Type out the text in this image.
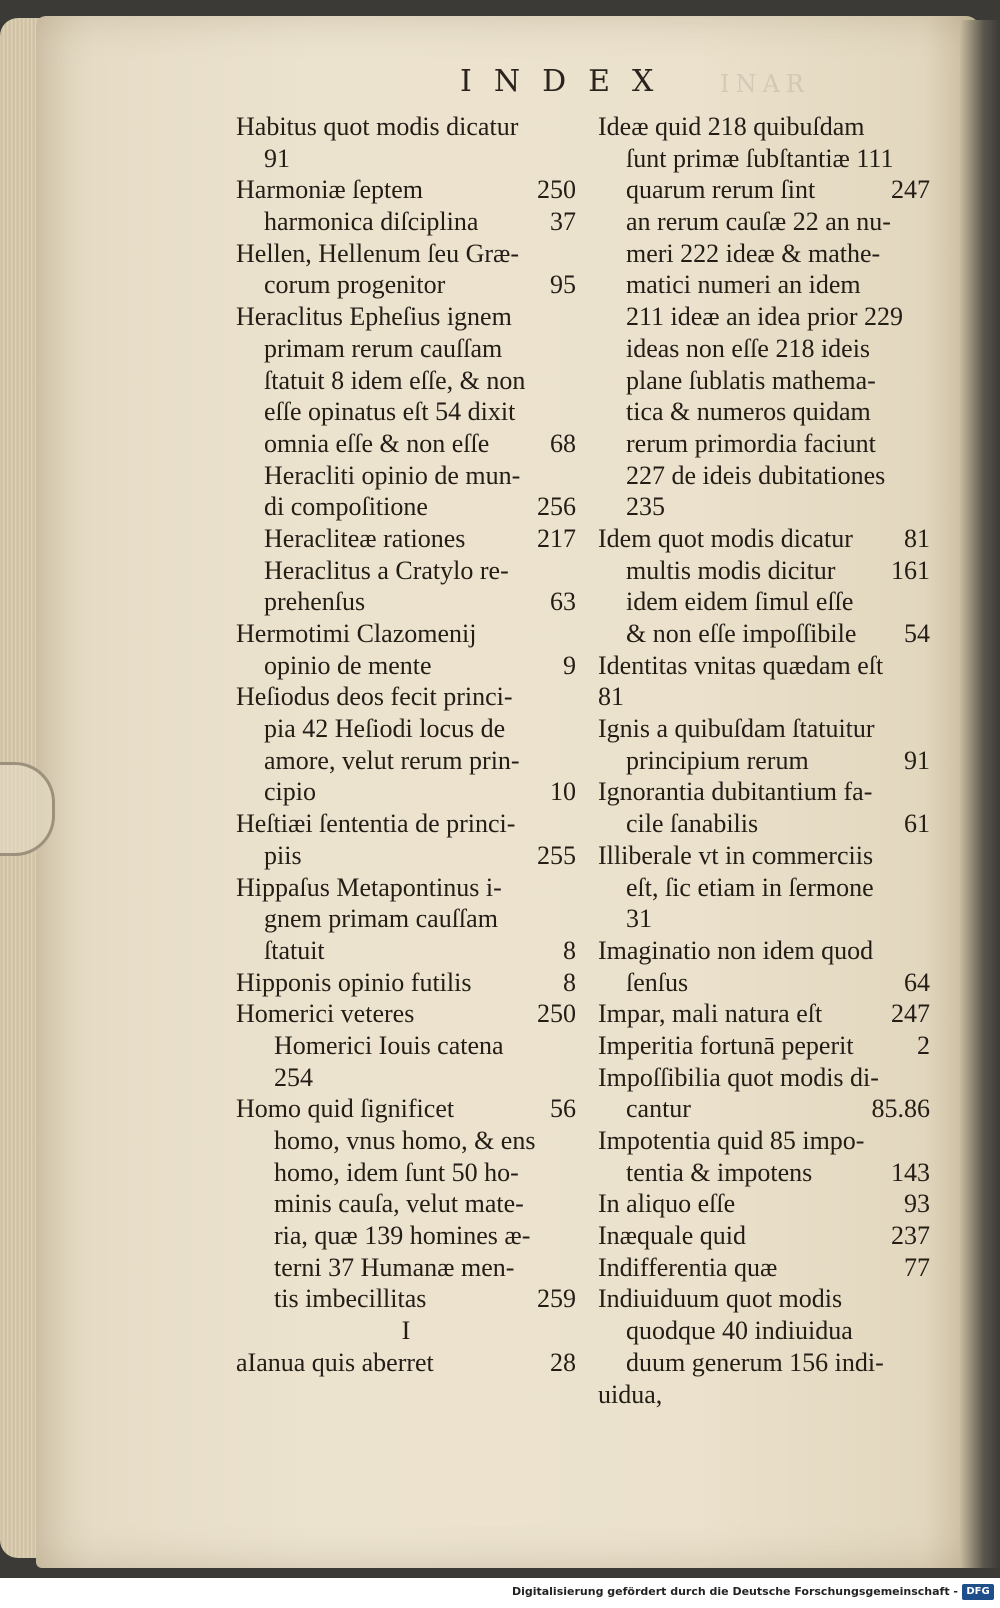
INDEX	INAR
Habitus quot modis dicatur
91
Harmoniæ ſeptem	250
harmonica diſciplina	37
Hellen, Hellenum ſeu Græ-
corum progenitor	95
Heraclitus Epheſius ignem
primam rerum cauſſam
ſtatuit 8 idem eſſe, & non
eſſe opinatus eſt 54 dixit
omnia eſſe & non eſſe 68
Heracliti opinio de mun-
di compoſitione	256
Heracliteæ rationes	217
Heraclitus a Cratylo re-
prehenſus	63
Hermotimi Clazomenij
opinio de mente	9
Heſiodus deos fecit princi-
pia 42 Heſiodi locus de
amore, velut rerum prin-
cipio	10
Heſtiæi ſententia de princi-
piis	255
Hippaſus Metapontinus i-
gnem primam cauſſam
ſtatuit	8
Hipponis opinio futilis	8
Homerici veteres	250
Homerici Iouis catena
254
Homo quid ſignificet	56
homo, vnus homo, & ens
homo, idem ſunt 50 ho-
minis cauſa, velut mate-
ria, quæ 139 homines æ-
terni 37 Humanæ men-
tis imbecillitas	259
I
aIanua quis aberret	28
Ideæ quid 218 quibuſdam
ſunt primæ ſubſtantiæ 111
quarum rerum ſint	247
an rerum cauſæ 22 an nu-
meri 222 ideæ & mathe-
matici numeri an idem
211 ideæ an idea prior 229
ideas non eſſe 218 ideis
plane ſublatis mathema-
tica & numeros quidam
rerum primordia faciunt
227 de ideis dubitationes
235
Idem quot modis dicatur 81
multis modis dicitur 161
idem eidem ſimul eſſe
& non eſſe impoſſibile 54
Identitas vnitas quædam eſt
81
Ignis a quibuſdam ſtatuitur
principium rerum	91
Ignorantia dubitantium fa-
cile ſanabilis	61
Illiberale vt in commerciis
eſt, ſic etiam in ſermone
31
Imaginatio non idem quod
ſenſus	64
Impar, mali natura eſt	247
Imperitia fortunā peperit 2
Impoſſibilia quot modis di-
cantur	85.86
Impotentia quid 85 impo-
tentia & impotens	143
In aliquo eſſe	93
Inæquale quid	237
Indifferentia quæ	77
Indiuiduum quot modis
quodque 40 indiuidua
duum generum 156 indi-
uidua,
Digitalisierung gefördert durch die Deutsche Forschungsgemeinschaft - DFG
